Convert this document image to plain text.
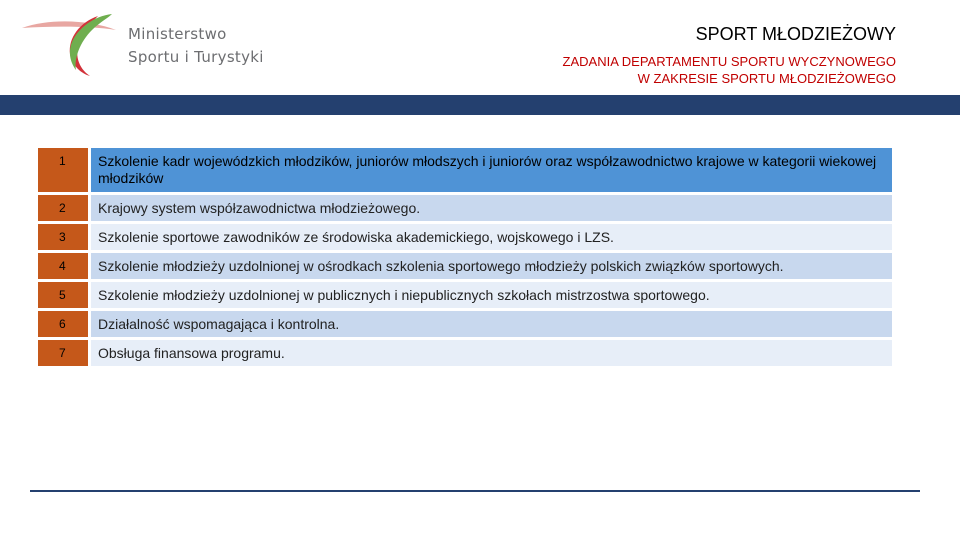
Ministerstwo
Sportu i Turystyki
SPORT MŁODZIEŻOWY
ZADANIA DEPARTAMENTU SPORTU WYCZYNOWEGO
W ZAKRESIE SPORTU MŁODZIEŻOWEGO
1	Szkolenie kadr wojewódzkich młodzików, juniorów młodszych i juniorów oraz współzawodnictwo krajowe w kategorii wiekowej młodzików
2	Krajowy system współzawodnictwa młodzieżowego.
3	Szkolenie sportowe zawodników ze środowiska akademickiego, wojskowego i LZS.
4	Szkolenie młodzieży uzdolnionej w ośrodkach szkolenia sportowego młodzieży polskich związków sportowych.
5	Szkolenie młodzieży uzdolnionej w publicznych i niepublicznych szkołach mistrzostwa sportowego.
6	Działalność wspomagająca i kontrolna.
7	Obsługa finansowa programu.
